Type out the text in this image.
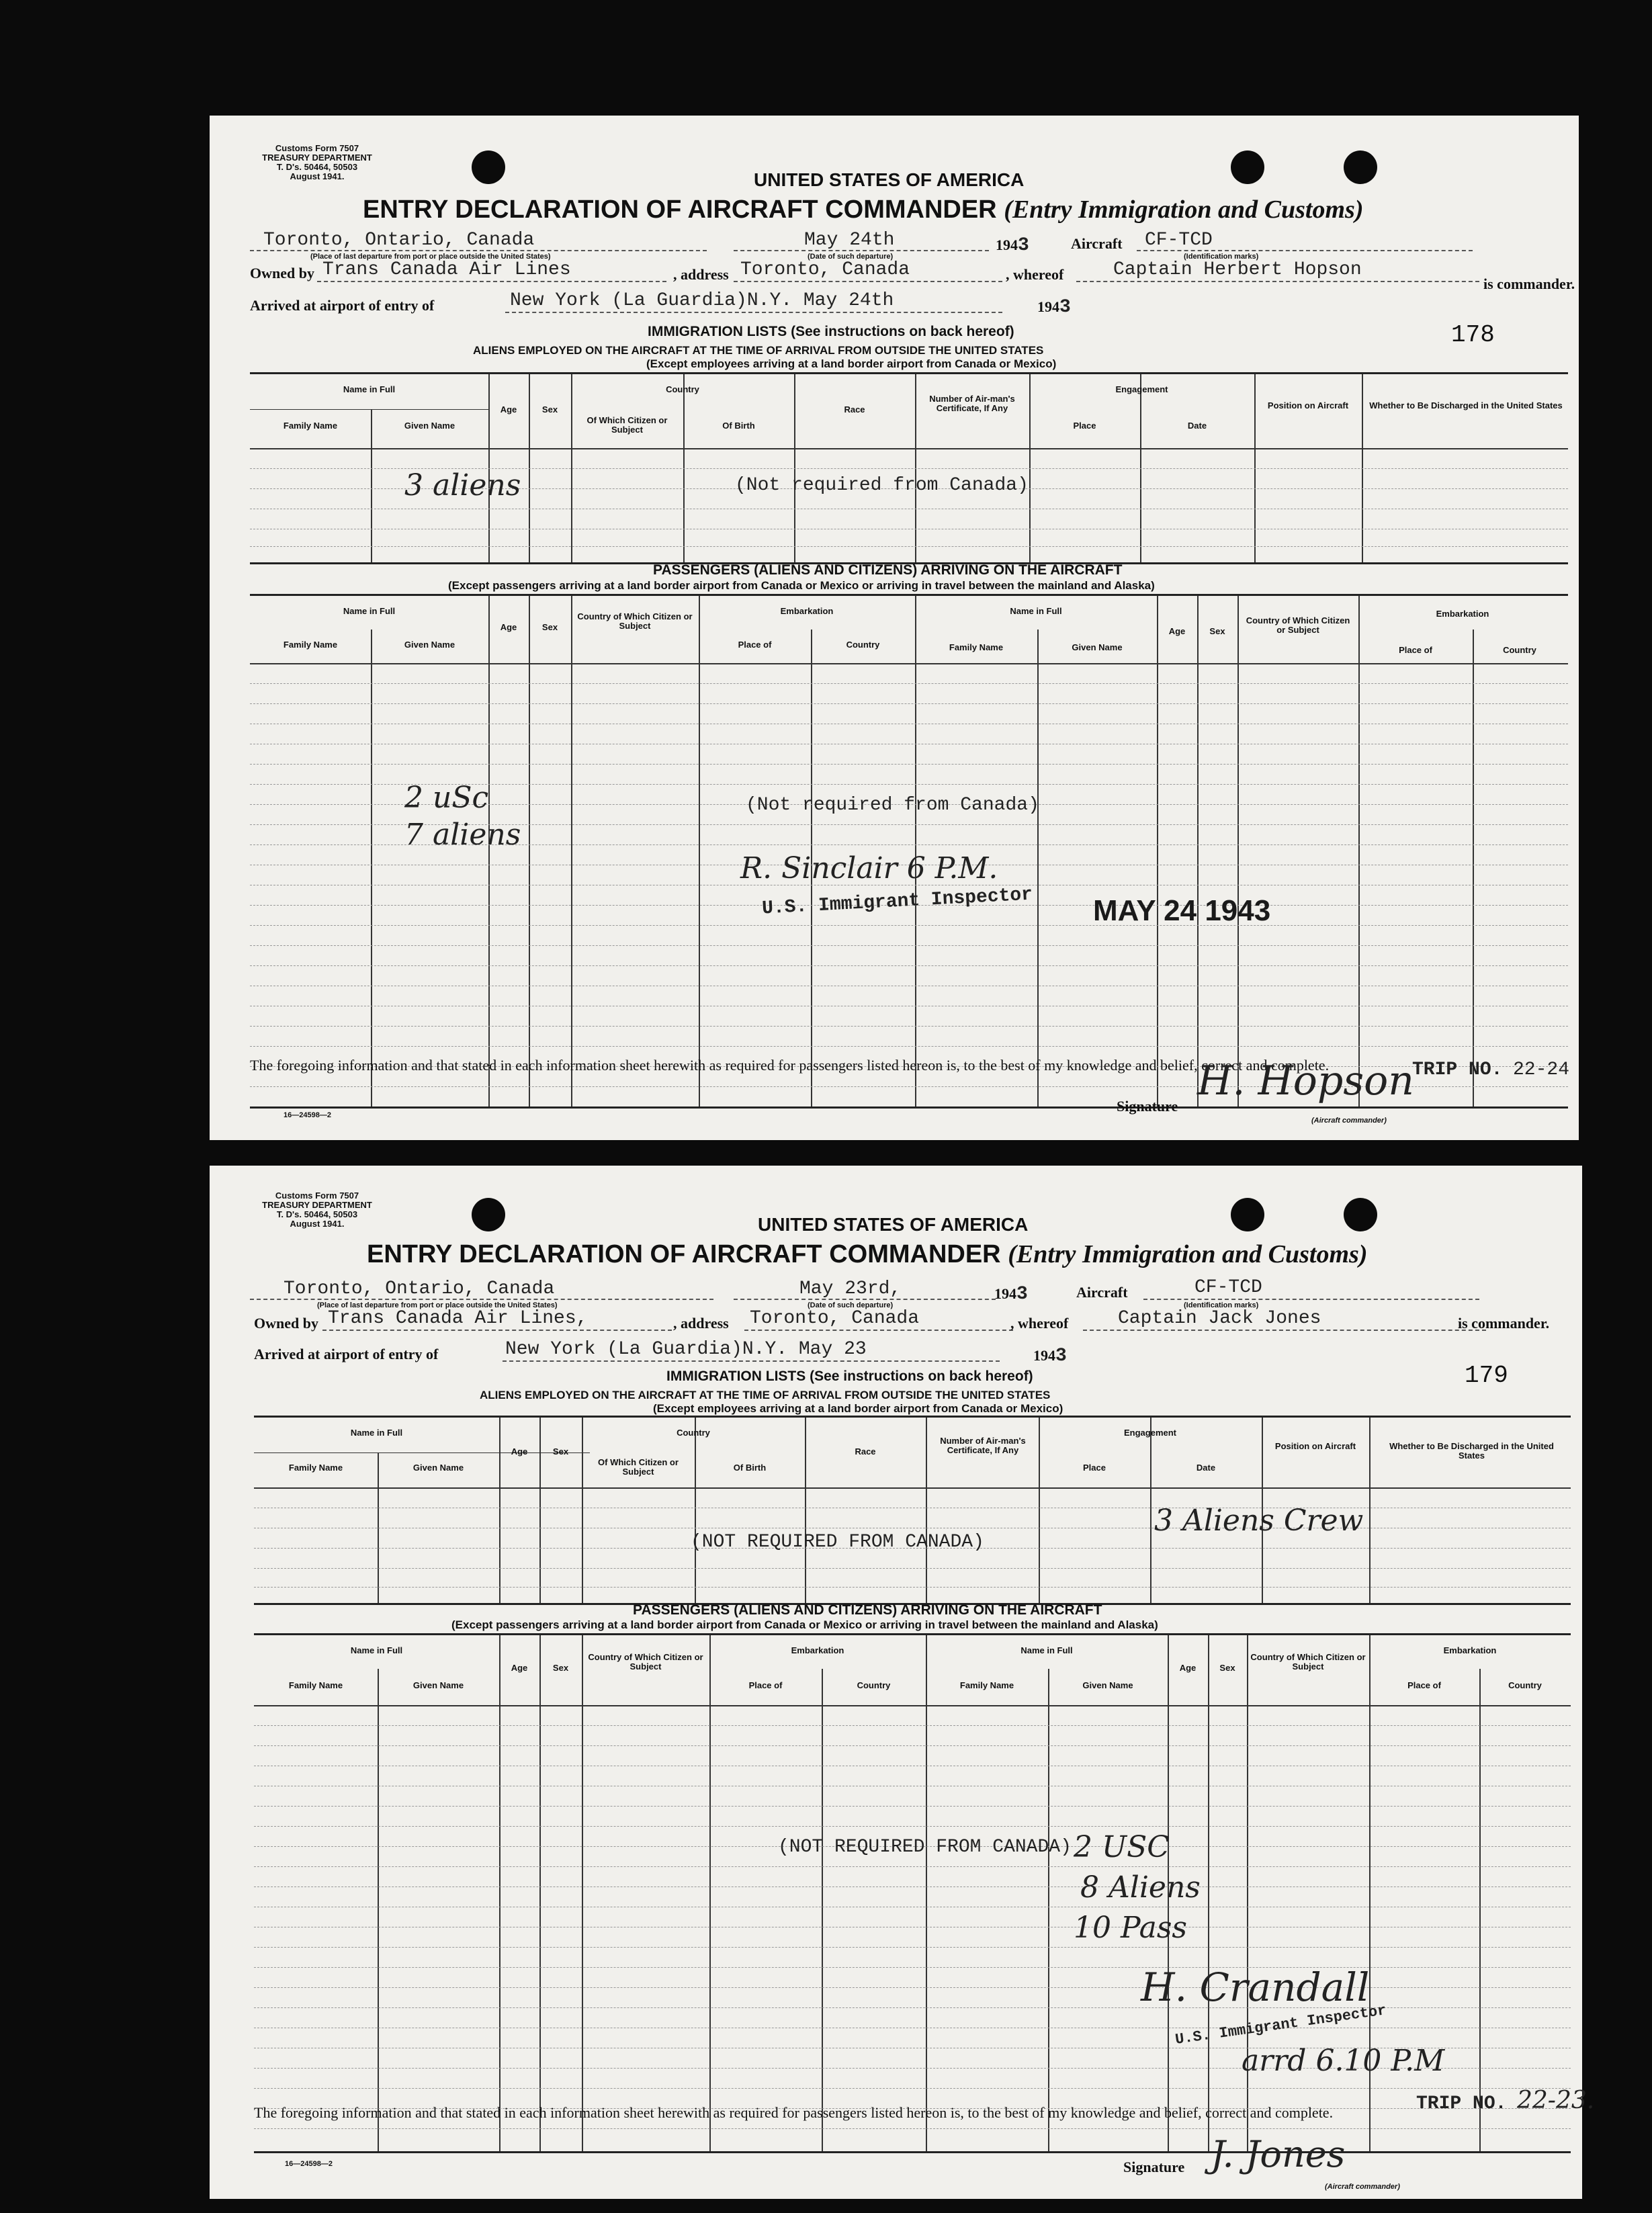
Customs Form 7507
TREASURY DEPARTMENT
T. D's. 50464, 50503
August 1941.	UNITED STATES OF AMERICA
ENTRY DECLARATION OF AIRCRAFT COMMANDER (Entry Immigration and Customs)
Toronto, Ontario, Canada
(Place of last departure from port or place outside the United States)
May 24th
(Date of such departure)
1943	Aircraft CF-TCD
(Identification marks)
Owned by Trans Canada Air Lines	, address Toronto, Canada	, whereof	Captain Herbert Hopson
is commander.
Arrived at airport of entry of	New York (La Guardia)N.Y. May 24th	1943
178
IMMIGRATION LISTS (See instructions on back hereof)
ALIENS EMPLOYED ON THE AIRCRAFT AT THE TIME OF ARRIVAL FROM OUTSIDE THE UNITED STATES
(Except employees arriving at a land border airport from Canada or Mexico)
Name in Full
Family Name	Given Name
Age	Sex
Country
Of Which Citizen or Subject	Of Birth
Race
Number of Air-man's Certificate, If Any
Engagement
Place	Date
Position on Aircraft	Whether to Be Discharged in the United States
3 aliens	(Not required from Canada)
PASSENGERS (ALIENS AND CITIZENS) ARRIVING ON THE AIRCRAFT
(Except passengers arriving at a land border airport from Canada or Mexico or arriving in travel between the mainland and Alaska)
Name in Full
Family Name	Given Name
Age	Sex
Country of Which Citizen or Subject
Embarkation
Place of	Country
Name in Full
Family Name	Given Name
Age	Sex
Country of Which Citizen or Subject
Embarkation
Place of	Country
2 uSc
7 aliens
(Not required from Canada)
R. Sinclair 6 P.M.
U.S. Immigrant Inspector MAY 24 1943
TRIP NO. 22-24
The foregoing information and that stated in each information sheet herewith as required for passengers listed hereon is, to the best of my knowledge and belief, correct and complete.
16—24598—2
Signature
H. Hopson
(Aircraft commander)
Customs Form 7507
TREASURY DEPARTMENT
T. D's. 50464, 50503
August 1941.	UNITED STATES OF AMERICA
ENTRY DECLARATION OF AIRCRAFT COMMANDER (Entry Immigration and Customs)
Toronto, Ontario, Canada
(Place of last departure from port or place outside the United States)
May 23rd,
(Date of such departure)
1943	Aircraft	CF-TCD
(Identification marks)
Owned by Trans Canada Air Lines,	, address Toronto, Canada	, whereof	Captain Jack Jones	is commander.
Arrived at airport of entry of	New York (La Guardia)N.Y. May 23	1943
179
IMMIGRATION LISTS (See instructions on back hereof)
ALIENS EMPLOYED ON THE AIRCRAFT AT THE TIME OF ARRIVAL FROM OUTSIDE THE UNITED STATES
(Except employees arriving at a land border airport from Canada or Mexico)
Name in Full
Family Name	Given Name
Age	Sex
Country
Of Which Citizen or Subject	Of Birth
Race
Number of Air-man's Certificate, If Any
Engagement
Place	Date
Position on Aircraft	Whether to Be Discharged in the United States
(NOT REQUIRED FROM CANADA)
3 Aliens Crew
PASSENGERS (ALIENS AND CITIZENS) ARRIVING ON THE AIRCRAFT
(Except passengers arriving at a land border airport from Canada or Mexico or arriving in travel between the mainland and Alaska)
Name in Full
Family Name	Given Name
Age	Sex
Country of Which Citizen or Subject
Embarkation
Place of	Country
Name in Full
Family Name	Given Name
Age	Sex
Country of Which Citizen or Subject
Embarkation
Place of	Country
(NOT REQUIRED FROM CANADA) 2 USC
8 Aliens
10 Pass
H. Crandall
U.S. Immigrant Inspector
arrd 6.10 P.M
TRIP NO. 22-23.
The foregoing information and that stated in each information sheet herewith as required for passengers listed hereon is, to the best of my knowledge and belief, correct and complete.
16—24598—2	Signature J. Jones
(Aircraft commander)
